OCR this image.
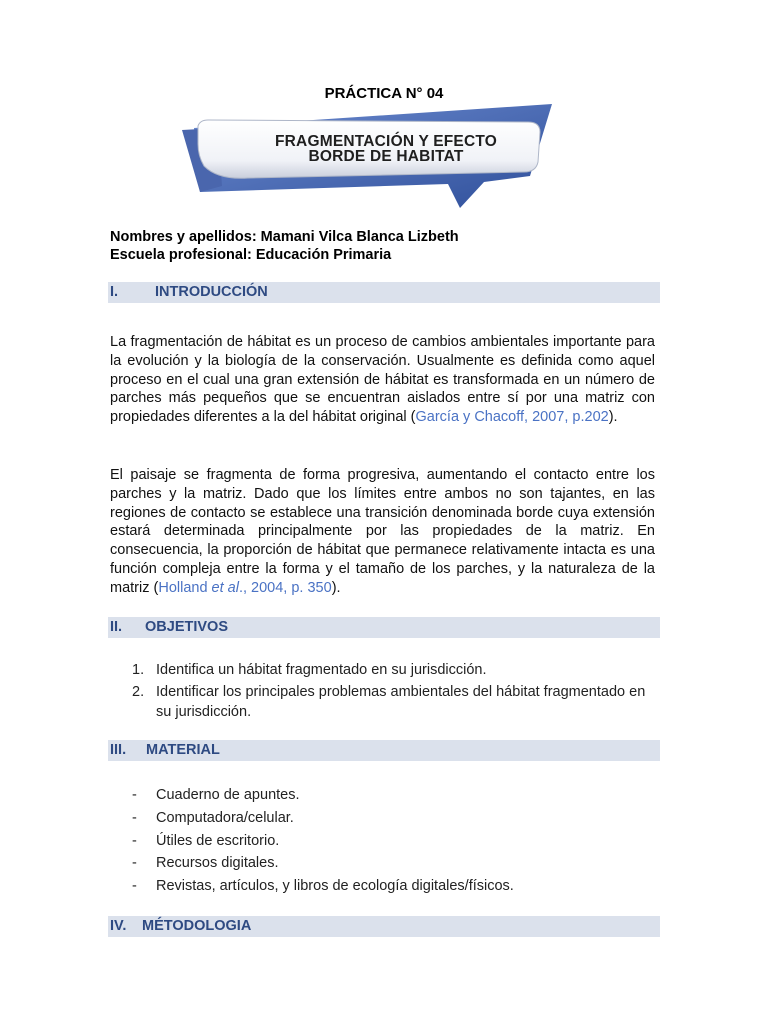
PRÁCTICA N° 04
FRAGMENTACIÓN Y EFECTO
BORDE DE HABITAT
Nombres y apellidos: Mamani Vilca Blanca Lizbeth
Escuela profesional: Educación Primaria
I.	INTRODUCCIÓN
La fragmentación de hábitat es un proceso de cambios ambientales importante para la evolución y la biología de la conservación. Usualmente es definida como aquel proceso en el cual una gran extensión de hábitat es transformada en un número de parches más pequeños que se encuentran aislados entre sí por una matriz con propiedades diferentes a la del hábitat original (García y Chacoff, 2007, p.202).
El paisaje se fragmenta de forma progresiva, aumentando el contacto entre los parches y la matriz. Dado que los límites entre ambos no son tajantes, en las regiones de contacto se establece una transición denominada borde cuya extensión estará determinada principalmente por las propiedades de la matriz. En consecuencia, la proporción de hábitat que permanece relativamente intacta es una función compleja entre la forma y el tamaño de los parches, y la naturaleza de la matriz (Holland et al., 2004, p. 350).
II. OBJETIVOS
1. Identifica un hábitat fragmentado en su jurisdicción.
2. Identificar los principales problemas ambientales del hábitat fragmentado en su jurisdicción.
III. MATERIAL
- Cuaderno de apuntes.
- Computadora/celular.
- Útiles de escritorio.
- Recursos digitales.
- Revistas, artículos, y libros de ecología digitales/físicos.
IV. MÉTODOLOGIA
